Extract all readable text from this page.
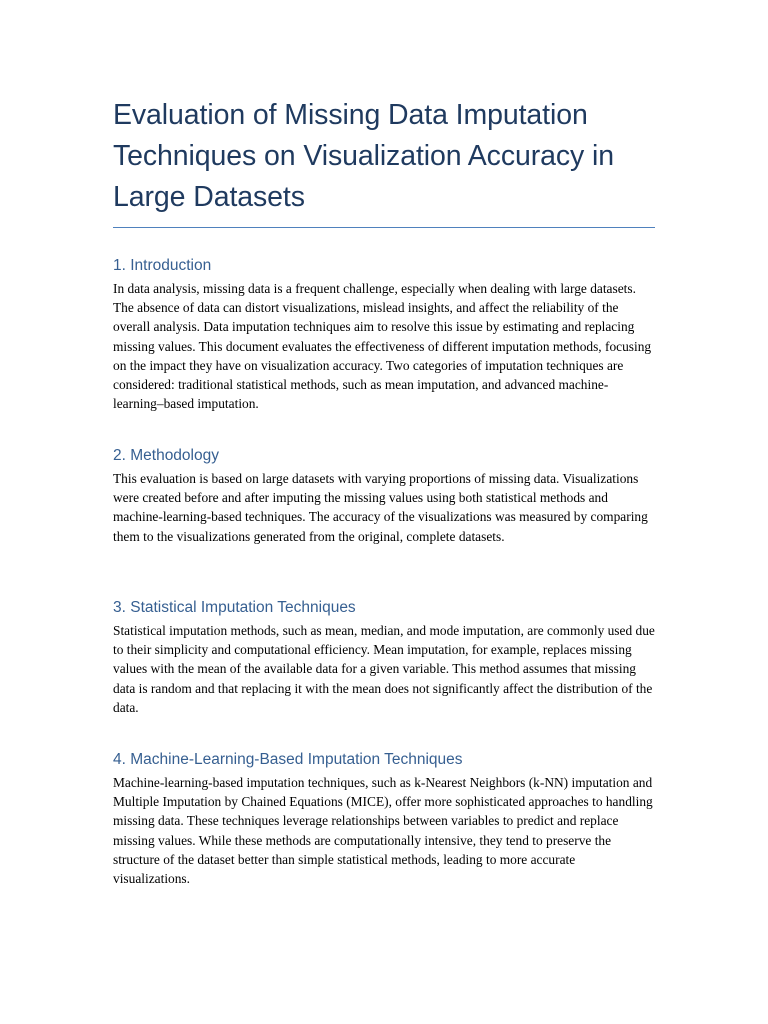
Evaluation of Missing Data Imputation Techniques on Visualization Accuracy in Large Datasets
1. Introduction

In data analysis, missing data is a frequent challenge, especially when dealing with large datasets. The absence of data can distort visualizations, mislead insights, and affect the reliability of the overall analysis. Data imputation techniques aim to resolve this issue by estimating and replacing missing values. This document evaluates the effectiveness of different imputation methods, focusing on the impact they have on visualization accuracy. Two categories of imputation techniques are considered: traditional statistical methods, such as mean imputation, and advanced machine-learning–based imputation.

2. Methodology

This evaluation is based on large datasets with varying proportions of missing data. Visualizations were created before and after imputing the missing values using both statistical methods and machine-learning-based techniques. The accuracy of the visualizations was measured by comparing them to the visualizations generated from the original, complete datasets.

3. Statistical Imputation Techniques

Statistical imputation methods, such as mean, median, and mode imputation, are commonly used due to their simplicity and computational efficiency. Mean imputation, for example, replaces missing values with the mean of the available data for a given variable. This method assumes that missing data is random and that replacing it with the mean does not significantly affect the distribution of the data.

4. Machine-Learning-Based Imputation Techniques

Machine-learning-based imputation techniques, such as k-Nearest Neighbors (k-NN) imputation and Multiple Imputation by Chained Equations (MICE), offer more sophisticated approaches to handling missing data. These techniques leverage relationships between variables to predict and replace missing values. While these methods are computationally intensive, they tend to preserve the structure of the dataset better than simple statistical methods, leading to more accurate visualizations.
